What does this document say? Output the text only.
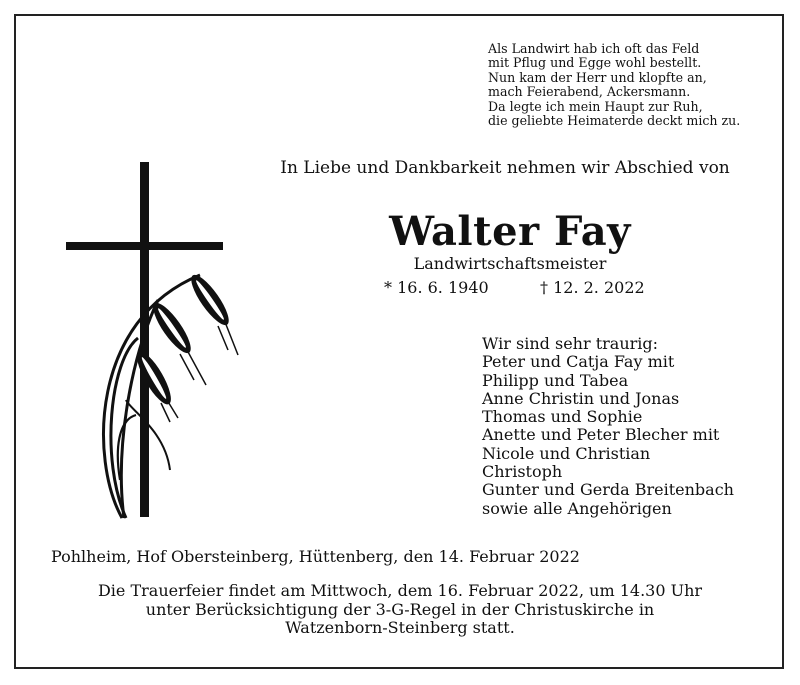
Als Landwirt hab ich oft das Feld
mit Pflug und Egge wohl bestellt.
Nun kam der Herr und klopfte an,
mach Feierabend, Ackersmann.
Da legte ich mein Haupt zur Ruh,
die geliebte Heimaterde deckt mich zu.
In Liebe und Dankbarkeit nehmen wir Abschied von
Walter Fay
Landwirtschaftsmeister
* 16. 6. 1940	† 12. 2. 2022
Wir sind sehr traurig:
Peter und Catja Fay mit
Philipp und Tabea
Anne Christin und Jonas
Thomas und Sophie
Anette und Peter Blecher mit
Nicole und Christian
Christoph
Gunter und Gerda Breitenbach
sowie alle Angehörigen
Pohlheim, Hof Obersteinberg, Hüttenberg, den 14. Februar 2022
Die Trauerfeier findet am Mittwoch, dem 16. Februar 2022, um 14.30 Uhr
unter Berücksichtigung der 3-G-Regel in der Christuskirche in
Watzenborn-Steinberg statt.
